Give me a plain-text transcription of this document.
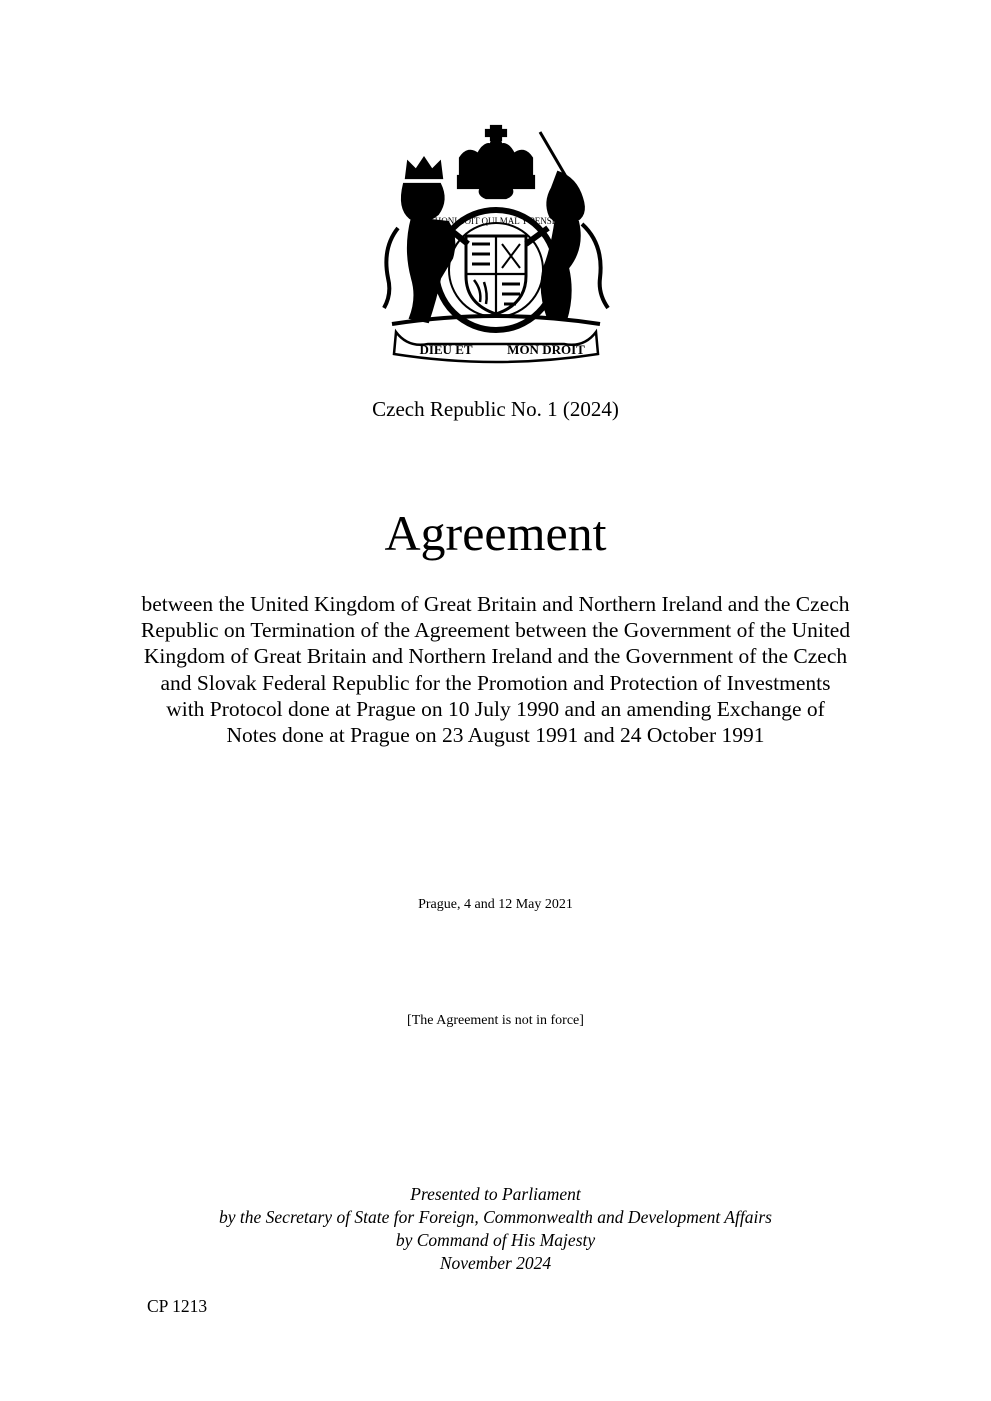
DIEU ET	MON DROIT
HONI SOIT QUI MAL Y PENSE
Czech Republic No. 1 (2024)
Agreement
between the United Kingdom of Great Britain and Northern Ireland and the Czech Republic on Termination of the Agreement between the Government of the United Kingdom of Great Britain and Northern Ireland and the Government of the Czech and Slovak Federal Republic for the Promotion and Protection of Investments with Protocol done at Prague on 10 July 1990 and an amending Exchange of Notes done at Prague on 23 August 1991 and 24 October 1991
Prague, 4 and 12 May 2021
[The Agreement is not in force]
Presented to Parliament
by the Secretary of State for Foreign, Commonwealth and Development Affairs
by Command of His Majesty
November 2024
CP 1213
